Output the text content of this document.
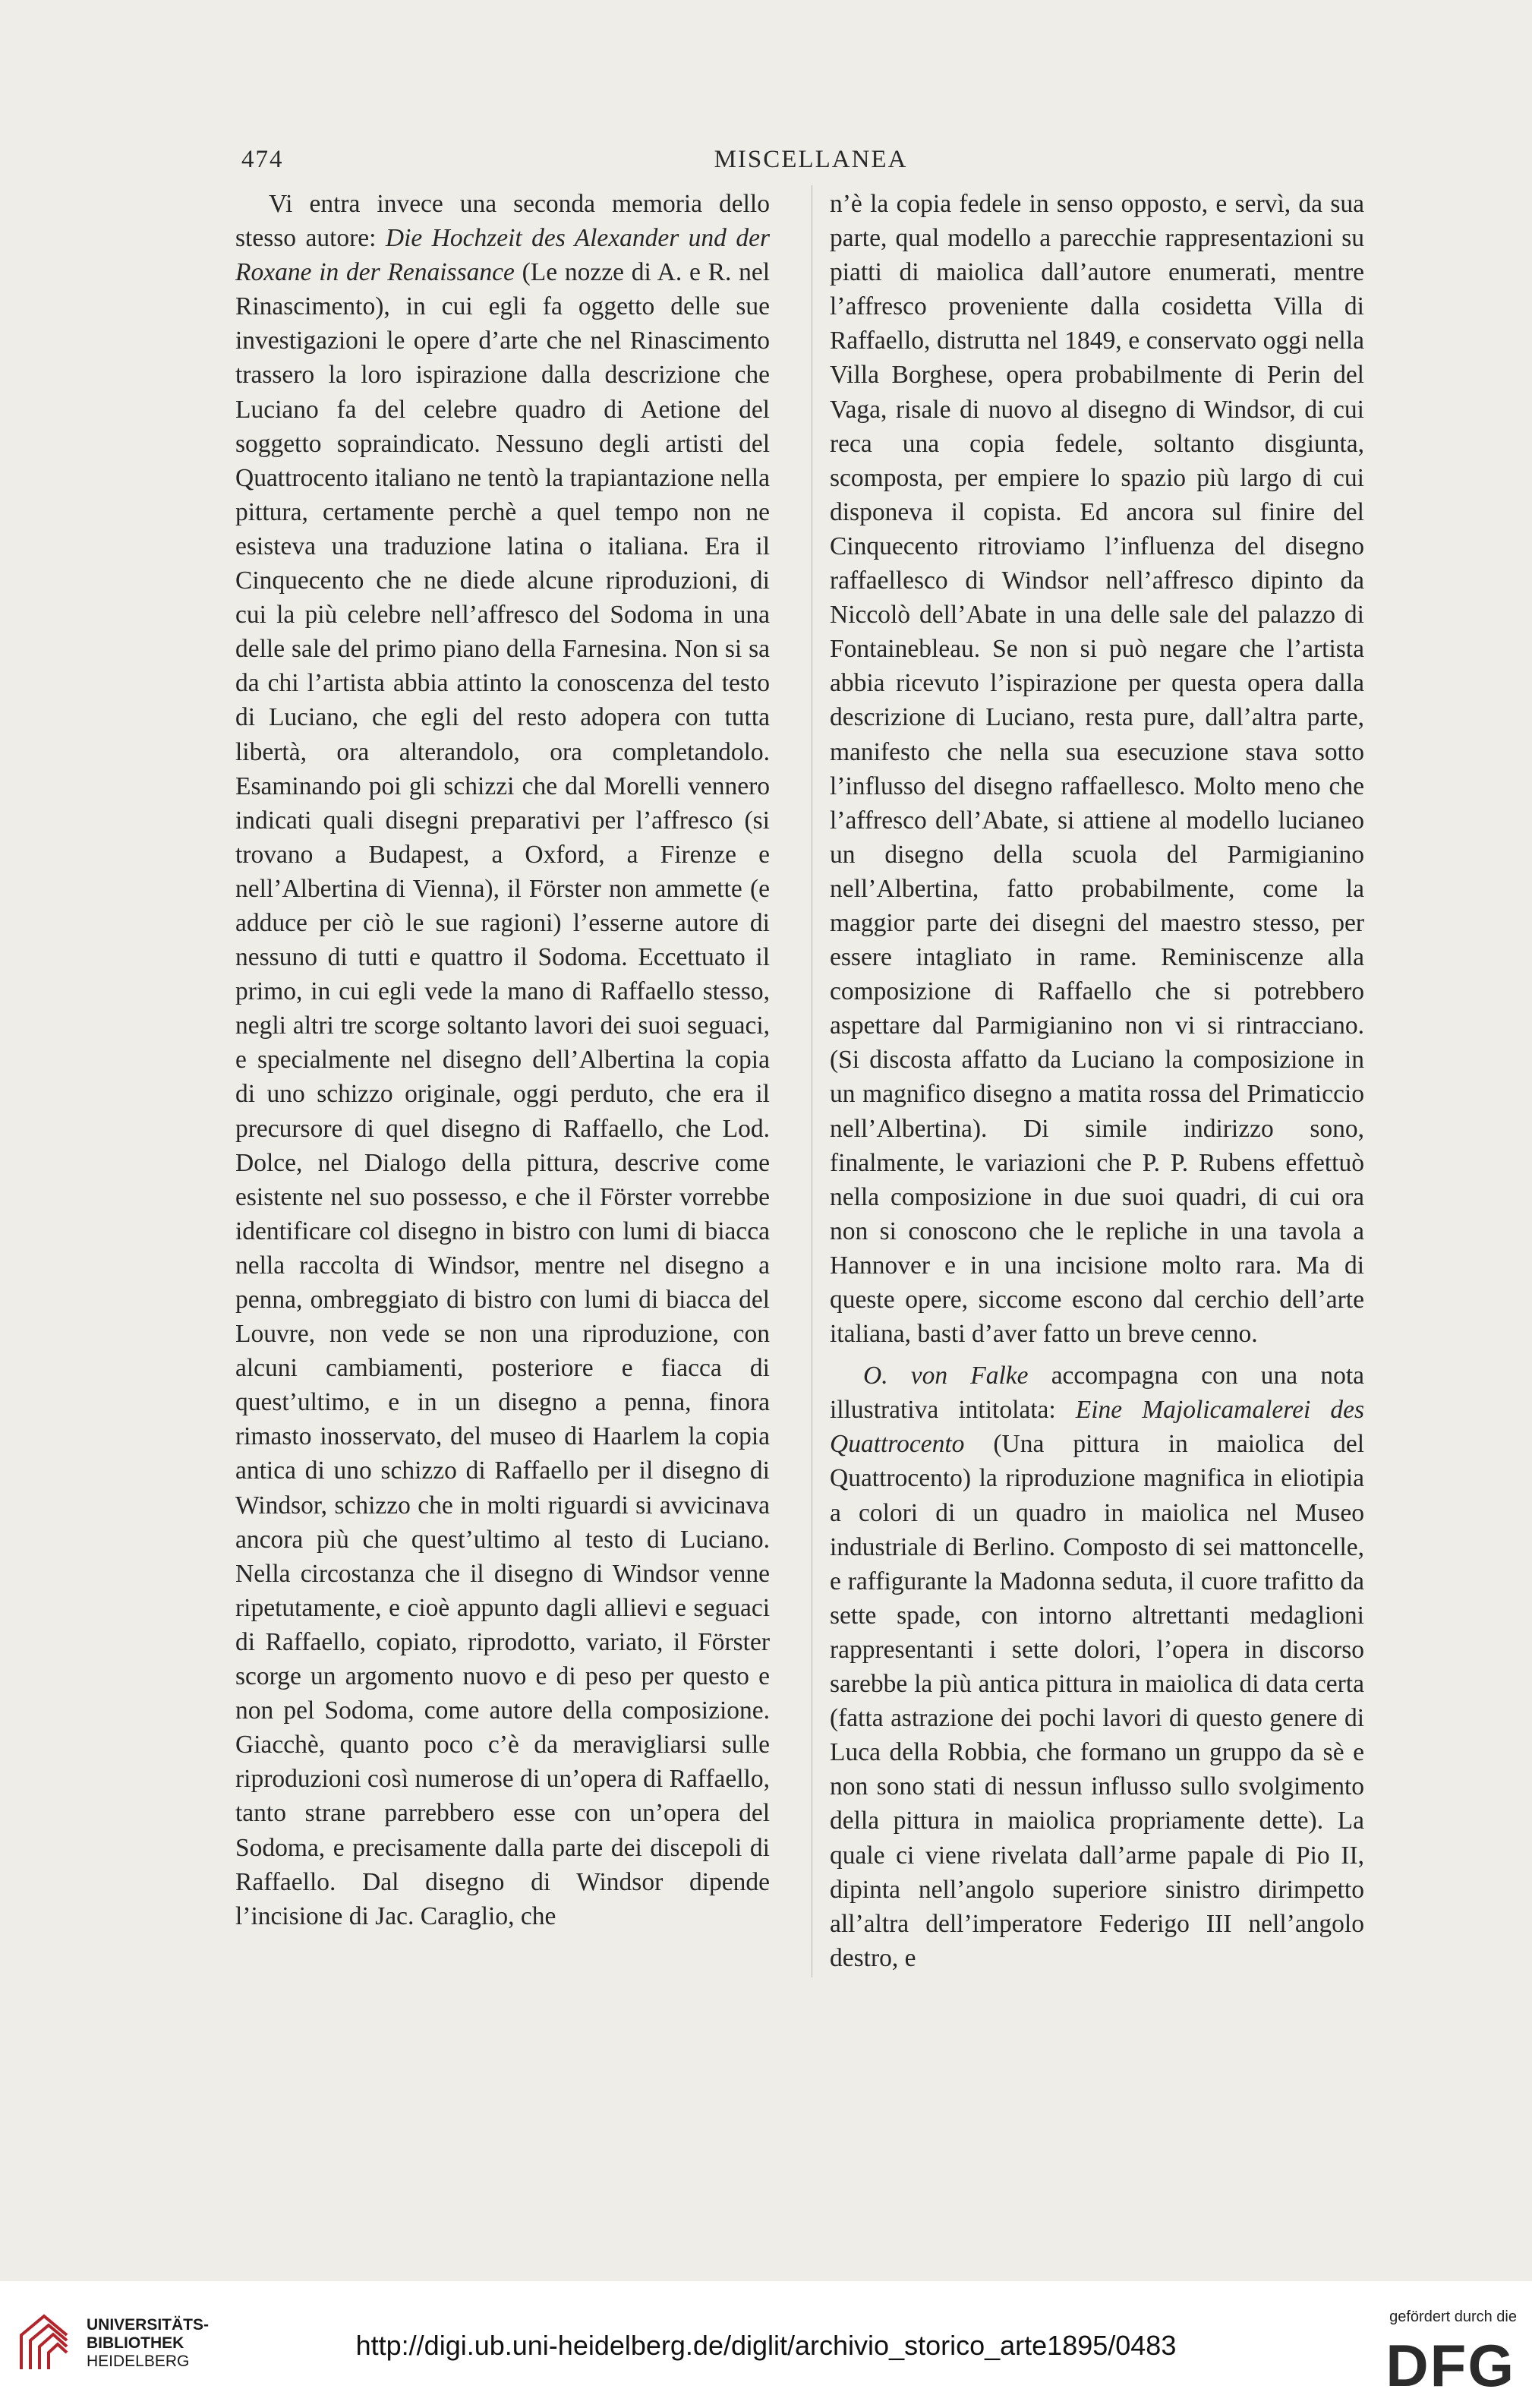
474	MISCELLANEA

Vi entra invece una seconda memoria dello stesso autore: Die Hochzeit des Alexander und der Roxane in der Renaissance (Le nozze di A. e R. nel Rinascimento), in cui egli fa oggetto delle sue investigazioni le opere d’arte che nel Rinascimento trassero la loro ispirazione dalla descrizione che Luciano fa del celebre quadro di Aetione del soggetto sopraindicato. Nessuno degli artisti del Quattrocento italiano ne tentò la trapiantazione nella pittura, certamente perchè a quel tempo non ne esisteva una traduzione latina o italiana. Era il Cinquecento che ne diede alcune riproduzioni, di cui la più celebre nell’affresco del Sodoma in una delle sale del primo piano della Farnesina. Non si sa da chi l’artista abbia attinto la conoscenza del testo di Luciano, che egli del resto adopera con tutta libertà, ora alterandolo, ora completandolo. Esaminando poi gli schizzi che dal Morelli vennero indicati quali disegni preparativi per l’affresco (si trovano a Budapest, a Oxford, a Firenze e nell’Albertina di Vienna), il Förster non ammette (e adduce per ciò le sue ragioni) l’esserne autore di nessuno di tutti e quattro il Sodoma. Eccettuato il primo, in cui egli vede la mano di Raffaello stesso, negli altri tre scorge soltanto lavori dei suoi seguaci, e specialmente nel disegno dell’Albertina la copia di uno schizzo originale, oggi perduto, che era il precursore di quel disegno di Raffaello, che Lod. Dolce, nel Dialogo della pittura, descrive come esistente nel suo possesso, e che il Förster vorrebbe identificare col disegno in bistro con lumi di biacca nella raccolta di Windsor, mentre nel disegno a penna, ombreggiato di bistro con lumi di biacca del Louvre, non vede se non una riproduzione, con alcuni cambiamenti, posteriore e fiacca di quest’ultimo, e in un disegno a penna, finora rimasto inosservato, del museo di Haarlem la copia antica di uno schizzo di Raffaello per il disegno di Windsor, schizzo che in molti riguardi si avvicinava ancora più che quest’ultimo al testo di Luciano. Nella circostanza che il disegno di Windsor venne ripetutamente, e cioè appunto dagli allievi e seguaci di Raffaello, copiato, riprodotto, variato, il Förster scorge un argomento nuovo e di peso per questo e non pel Sodoma, come autore della composizione. Giacchè, quanto poco c’è da meravigliarsi sulle riproduzioni così numerose di un’opera di Raffaello, tanto strane parrebbero esse con un’opera del Sodoma, e precisamente dalla parte dei discepoli di Raffaello. Dal disegno di Windsor dipende l’incisione di Jac. Caraglio, che

n’è la copia fedele in senso opposto, e servì, da sua parte, qual modello a parecchie rappresentazioni su piatti di maiolica dall’autore enumerati, mentre l’affresco proveniente dalla cosidetta Villa di Raffaello, distrutta nel 1849, e conservato oggi nella Villa Borghese, opera probabilmente di Perin del Vaga, risale di nuovo al disegno di Windsor, di cui reca una copia fedele, soltanto disgiunta, scomposta, per empiere lo spazio più largo di cui disponeva il copista. Ed ancora sul finire del Cinquecento ritroviamo l’influenza del disegno raffaellesco di Windsor nell’affresco dipinto da Niccolò dell’Abate in una delle sale del palazzo di Fontainebleau. Se non si può negare che l’artista abbia ricevuto l’ispirazione per questa opera dalla descrizione di Luciano, resta pure, dall’altra parte, manifesto che nella sua esecuzione stava sotto l’influsso del disegno raffaellesco. Molto meno che l’affresco dell’Abate, si attiene al modello lucianeo un disegno della scuola del Parmigianino nell’Albertina, fatto probabilmente, come la maggior parte dei disegni del maestro stesso, per essere intagliato in rame. Reminiscenze alla composizione di Raffaello che si potrebbero aspettare dal Parmigianino non vi si rintracciano. (Si discosta affatto da Luciano la composizione in un magnifico disegno a matita rossa del Primaticcio nell’Albertina). Di simile indirizzo sono, finalmente, le variazioni che P. P. Rubens effettuò nella composizione in due suoi quadri, di cui ora non si conoscono che le repliche in una tavola a Hannover e in una incisione molto rara. Ma di queste opere, siccome escono dal cerchio dell’arte italiana, basti d’aver fatto un breve cenno.

O. von Falke accompagna con una nota illustrativa intitolata: Eine Majolicamalerei des Quattrocento (Una pittura in maiolica del Quattrocento) la riproduzione magnifica in eliotipia a colori di un quadro in maiolica nel Museo industriale di Berlino. Composto di sei mattoncelle, e raffigurante la Madonna seduta, il cuore trafitto da sette spade, con intorno altrettanti medaglioni rappresentanti i sette dolori, l’opera in discorso sarebbe la più antica pittura in maiolica di data certa (fatta astrazione dei pochi lavori di questo genere di Luca della Robbia, che formano un gruppo da sè e non sono stati di nessun influsso sullo svolgimento della pittura in maiolica propriamente dette). La quale ci viene rivelata dall’arme papale di Pio II, dipinta nell’angolo superiore sinistro dirimpetto all’altra dell’imperatore Federigo III nell’angolo destro, e

UNIVERSITÄTS-
BIBLIOTHEK
HEIDELBERG
http://digi.ub.uni-heidelberg.de/diglit/archivio_storico_arte1895/0483
gefördert durch die
DFG
